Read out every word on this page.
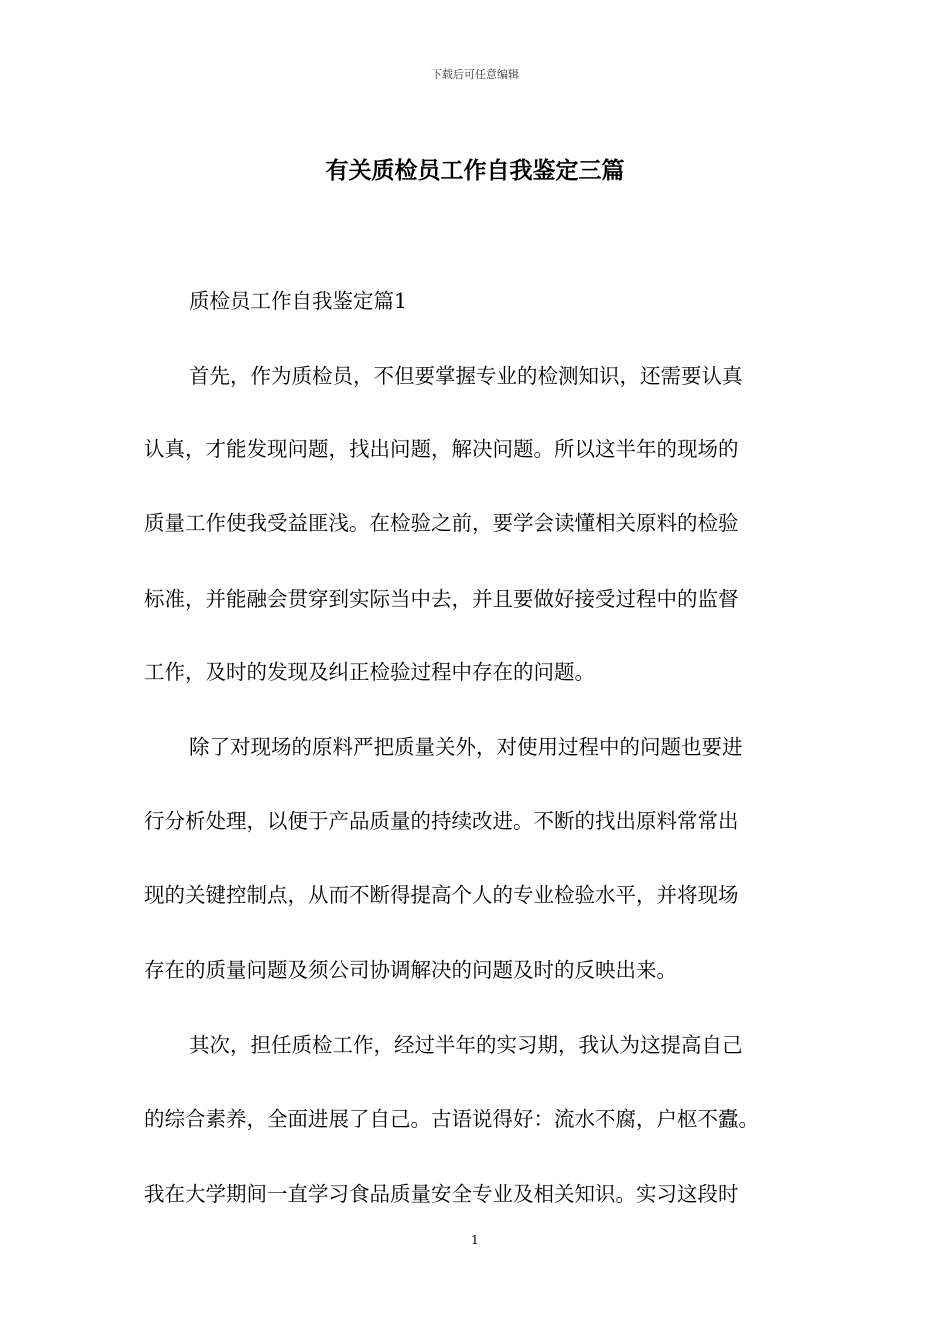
下载后可任意编辑
有关质检员工作自我鉴定三篇

质检员工作自我鉴定篇1

首先，作为质检员，不但要掌握专业的检测知识，还需要认真

认真，才能发现问题，找出问题，解决问题。所以这半年的现场的

质量工作使我受益匪浅。在检验之前，要学会读懂相关原料的检验

标准，并能融会贯穿到实际当中去，并且要做好接受过程中的监督

工作，及时的发现及纠正检验过程中存在的问题。

除了对现场的原料严把质量关外，对使用过程中的问题也要进

行分析处理，以便于产品质量的持续改进。不断的找出原料常常出

现的关键控制点，从而不断得提高个人的专业检验水平，并将现场

存在的质量问题及须公司协调解决的问题及时的反映出来。

其次，担任质检工作，经过半年的实习期，我认为这提高自己

的综合素养，全面进展了自己。古语说得好：流水不腐，户枢不蠹。

我在大学期间一直学习食品质量安全专业及相关知识。实习这段时

1
